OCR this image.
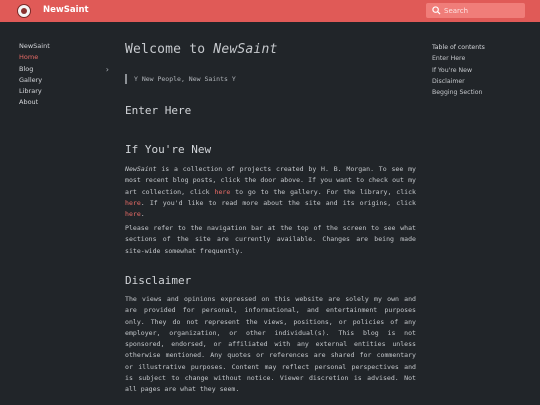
NewSaint
Search
NewSaint
Home
Blog	›
Gallery
Library
About
Welcome to NewSaint
Y New People, New Saints Y
Enter Here
If You're New

NewSaint is a collection of projects created by H. B. Morgan. To see my most recent blog posts, click the door above. If you want to check out my art collection, click here to go to the gallery. For the library, click here. If you'd like to read more about the site and its origins, click here.

Please refer to the navigation bar at the top of the screen to see what sections of the site are currently available. Changes are being made site-wide somewhat frequently.

Disclaimer

The views and opinions expressed on this website are solely my own and are provided for personal, informational, and entertainment purposes only. They do not represent the views, positions, or policies of any employer, organization, or other individual(s). This blog is not sponsored, endorsed, or affiliated with any external entities unless otherwise mentioned. Any quotes or references are shared for commentary or illustrative purposes. Content may reflect personal perspectives and is subject to change without notice. Viewer discretion is advised. Not all pages are what they seem.

Table of contents
Enter Here
If You're New
Disclaimer
Begging Section
